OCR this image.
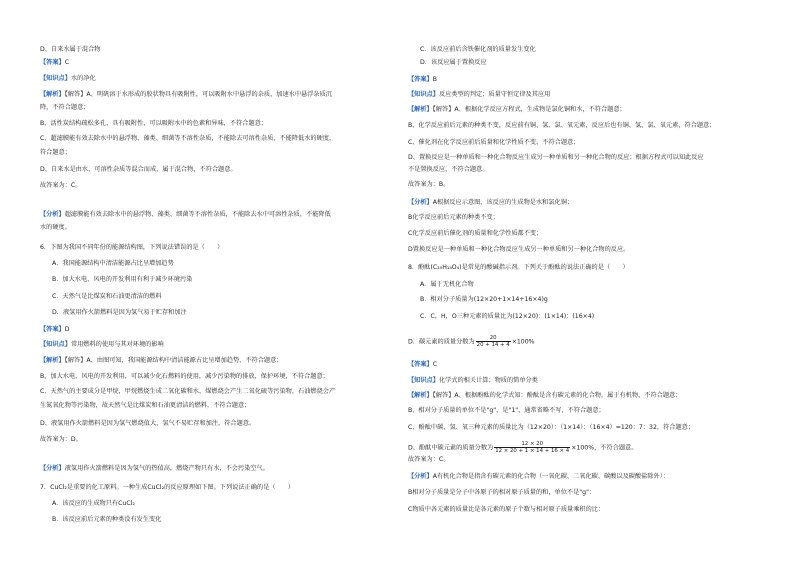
D、自来水属于混合物
【答案】C
【知识点】水的净化
【解析】【解答】A、明矾溶于水形成的胶状物具有吸附性，可以吸附水中悬浮的杂质，加速水中悬浮杂质沉
降，不符合题意；
B、活性炭结构疏松多孔，具有吸附性，可以吸附水中的色素和异味，不符合题意；
C、超滤膜能有效去除水中的悬浮物、藻类、细菌等不溶性杂质，不能除去可溶性杂质，不能降低水的硬度，
符合题意；
D、自来水是由水、可溶性杂质等混合而成，属于混合物，不符合题意。
故答案为：C。
【分析】超滤膜能有效去除水中的悬浮物、藻类、细菌等不溶性杂质，不能除去水中可溶性杂质，不能降低
水的硬度。
6．下图为我国不同年份的能源结构图，下列说法错误的是（　　）
A．我国能源结构中清洁能源占比呈增加趋势
B．加大水电、风电的开发利用有利于减少环境污染
C．天然气是比煤炭和石油更清洁的燃料
D．液氢用作火箭燃料是因为氢气易于贮存和加注
【答案】D
【知识点】常用燃料的使用与其对环境的影响
【解析】【解答】A、由图可知，我国能源结构中清洁能源占比呈增加趋势，不符合题意；
B、加大水电、风电的开发利用，可以减少化石燃料的使用，减少污染物的排放，保护环境，不符合题意；
C、天然气的主要成分是甲烷，甲烷燃烧生成二氧化碳和水，煤燃烧会产生二氧化硫等污染物，石油燃烧会产
生氮氧化物等污染物，故天然气是比煤炭和石油更清洁的燃料，不符合题意；
D、液氢用作火箭燃料是因为氢气燃烧值大，氢气不易贮存和加注，符合题意。
故答案为：D。
【分析】液氢用作火箭燃料是因为氢气的热值高，燃烧产物只有水，不会污染空气。
7．CuCl₂是重要的化工原料。一种生成CuCl₂的反应原理如下图。下列说法正确的是（　　）
A．该反应的生成物只有CuCl₂
B．该反应前后元素的种类没有发生变化
C．该反应前后含铁催化剂的质量发生变化
D．该反应属于置换反应
【答案】B
【知识点】反应类型的判定；质量守恒定律及其应用
【解析】【解答】A、根据化学反应方程式，生成物是氯化铜和水，不符合题意；
B、化学反应前后元素的种类不变，反应前有铜、氢、氯、氧元素，反应后也有铜、氢、氯、氧元素，符合题意；
C、催化剂在化学反应前后质量和化学性质不变，不符合题意；
D、置换反应是一种单质和一种化合物反应生成另一种单质和另一种化合物的反应；根据方程式可以知此反应
不是置换反应，不符合题意。
故答案为：B。
【分析】A根据反应示意图，该反应的生成物是水和氯化铜；
B化学反应前后元素的种类不变；
C化学反应前后催化剂的质量和化学性质都不变；
D置换反应是一种单质和一种化合物反应生成另一种单质和另一种化合物的反应。
8．酚酞(C₂₀H₁₄O₄)是常见的酸碱指示剂。下列关于酚酞的说法正确的是（　　）
A．属于无机化合物
B．相对分子质量为(12×20+1×14+16×4)g
C．C，H，O三种元素的质量比为(12×20)：(1×14)：(16×4)
D．碳元素的质量分数为 $\frac{20}{20 + 14 + 4} \times 100\%$
【答案】C
【知识点】化学式的相关计算；物质的简单分类
【解析】【解答】A、根据酚酞的化学式知：酚酞是含有碳元素的化合物，属于有机物，不符合题意；
B、相对分子质量的单位不是"g"，是"1"，通常省略不写，不符合题意；
C、酚酞中碳、氢、氧三种元素的质量比为（12×20）：（1×14）：（16×4）=120：7：32，符合题意；
D、酚酞中碳元素的质量分数为 $\frac{12 \times 20}{12 \times 20 + 1 \times 14 + 16 \times 4} \times 100\%$，不符合题意。
故答案为：C。
【分析】A有机化合物是指含有碳元素的化合物（一氧化碳、二氧化碳、碳酸以及碳酸盐除外）：
B相对分子质量是分子中各原子的相对原子质量的和，单位不是"g"：
C物质中各元素的质量比是各元素的原子个数与相对原子质量乘积的比：
